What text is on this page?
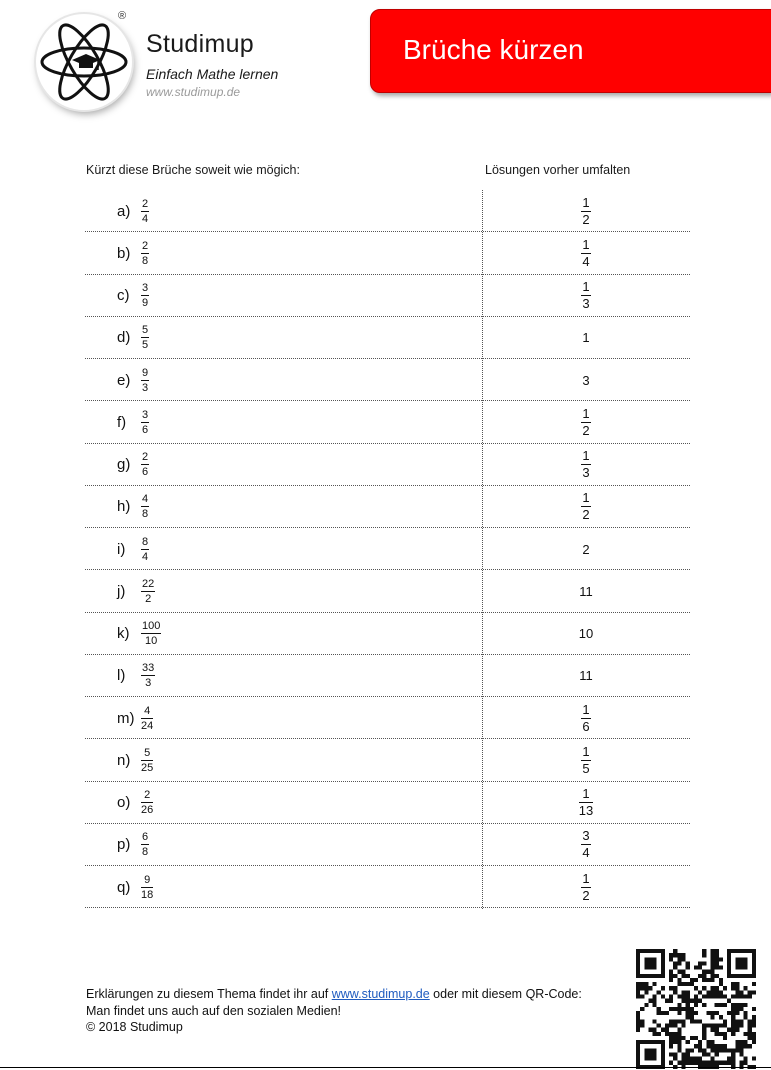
®
Studimup
Einfach Mathe lernen
www.studimup.de
Brüche kürzen
Kürzt diese Brüche soweit wie mögich:	Lösungen vorher umfalten
$a) \frac{2}{4}$	$\frac{1}{2}$
$b) \frac{2}{8}$	$\frac{1}{4}$
c)	$\frac{3}{9}$	$\frac{1}{3}$
$d) \frac{5}{5}$	1
$e) \frac{9}{3}$	3
f)	$\frac{3}{6}$	$\frac{1}{2}$
$g) \frac{2}{6}$	$\frac{1}{3}$
$h) \frac{4}{8}$	$\frac{1}{2}$
i)	$\frac{8}{4}$	2
j)	$\frac{22}{2}$	11
k)	$\frac{100}{10}$	10
l)	$\frac{33}{3}$	11
$m) \frac{4}{24}$	$\frac{1}{6}$
$n) \frac{5}{25}$	$\frac{1}{5}$
$o) \frac{2}{26}$	$\frac{1}{13}$
$p) \frac{6}{8}$	$\frac{3}{4}$
$q) \frac{9}{18}$	$\frac{1}{2}$
Erklärungen zu diesem Thema findet ihr auf www.studimup.de oder mit diesem QR-Code:
Man findet uns auch auf den sozialen Medien!
© 2018 Studimup
